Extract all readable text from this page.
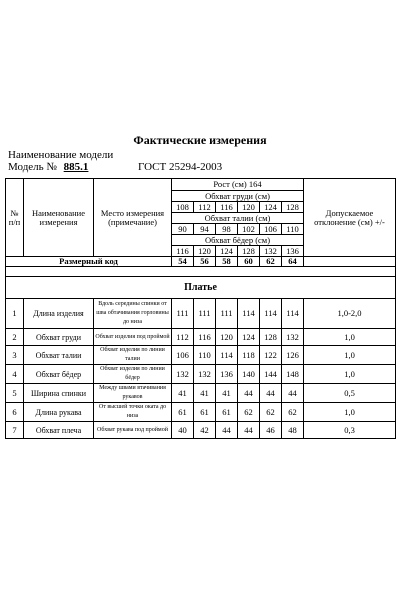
Фактические измерения
Наименование модели
Модель № 885.1	ГОСТ 25294-2003
№ п/п	Наименование измерения	Место измерения (примечание)	Рост (см) 164						Допускаемое отклонение (см) +/-
			Обхват груди (см)						
			108	112	116	120	124	128	
			Обхват талии (см)						
			90	94	98	102	106	110	
			Обхват бёдер (см)						
			116	120	124	128	132	136	
Размерный код			54	56	58	60	62	64	

Платье									
1	Длина изделия	Вдоль середины спинки от шва обтачивания горловины до низа	111	111	111	114	114	114	1,0-2,0
2	Обхват груди	Обхват изделия под проймой	112	116	120	124	128	132	1,0
3	Обхват талии	Обхват изделия по линии талии	106	110	114	118	122	126	1,0
4	Обхват бёдер	Обхват изделия по линии бёдер	132	132	136	140	144	148	1,0
5	Ширина спинки	Между швами втачивания рукавов	41	41	41	44	44	44	0,5
6	Длина рукава	От высшей точки оката до низа	61	61	61	62	62	62	1,0
7	Обхват плеча	Обхват рукава под проймой	40	42	44	44	46	48	0,3
